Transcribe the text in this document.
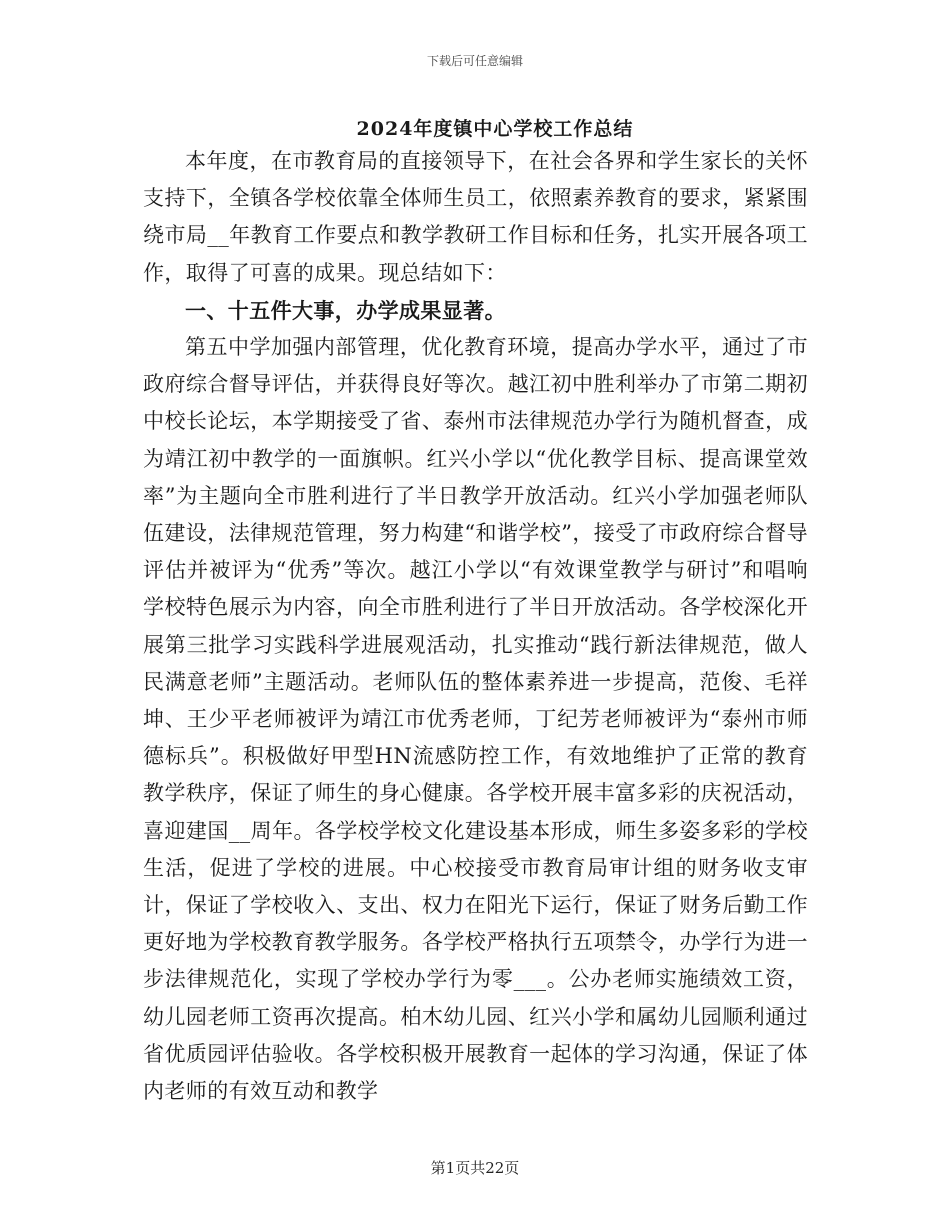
下载后可任意编辑
2024年度镇中心学校工作总结

本年度，在市教育局的直接领导下，在社会各界和学生家长的关怀支持下，全镇各学校依靠全体师生员工，依照素养教育的要求，紧紧围绕市局__年教育工作要点和教学教研工作目标和任务，扎实开展各项工作，取得了可喜的成果。现总结如下：

一、十五件大事，办学成果显著。

第五中学加强内部管理，优化教育环境，提高办学水平，通过了市政府综合督导评估，并获得良好等次。越江初中胜利举办了市第二期初中校长论坛，本学期接受了省、泰州市法律规范办学行为随机督查，成为靖江初中教学的一面旗帜。红兴小学以“优化教学目标、提高课堂效率”为主题向全市胜利进行了半日教学开放活动。红兴小学加强老师队伍建设，法律规范管理，努力构建“和谐学校”，接受了市政府综合督导评估并被评为“优秀”等次。越江小学以“有效课堂教学与研讨”和唱响学校特色展示为内容，向全市胜利进行了半日开放活动。各学校深化开展第三批学习实践科学进展观活动，扎实推动“践行新法律规范，做人民满意老师”主题活动。老师队伍的整体素养进一步提高，范俊、毛祥坤、王少平老师被评为靖江市优秀老师，丁纪芳老师被评为“泰州市师德标兵”。积极做好甲型HN流感防控工作，有效地维护了正常的教育教学秩序，保证了师生的身心健康。各学校开展丰富多彩的庆祝活动，喜迎建国__周年。各学校学校文化建设基本形成，师生多姿多彩的学校生活，促进了学校的进展。中心校接受市教育局审计组的财务收支审计，保证了学校收入、支出、权力在阳光下运行，保证了财务后勤工作更好地为学校教育教学服务。各学校严格执行五项禁令，办学行为进一步法律规范化，实现了学校办学行为零___。公办老师实施绩效工资，幼儿园老师工资再次提高。柏木幼儿园、红兴小学和属幼儿园顺利通过省优质园评估验收。各学校积极开展教育一起体的学习沟通，保证了体内老师的有效互动和教学

第1页共22页
